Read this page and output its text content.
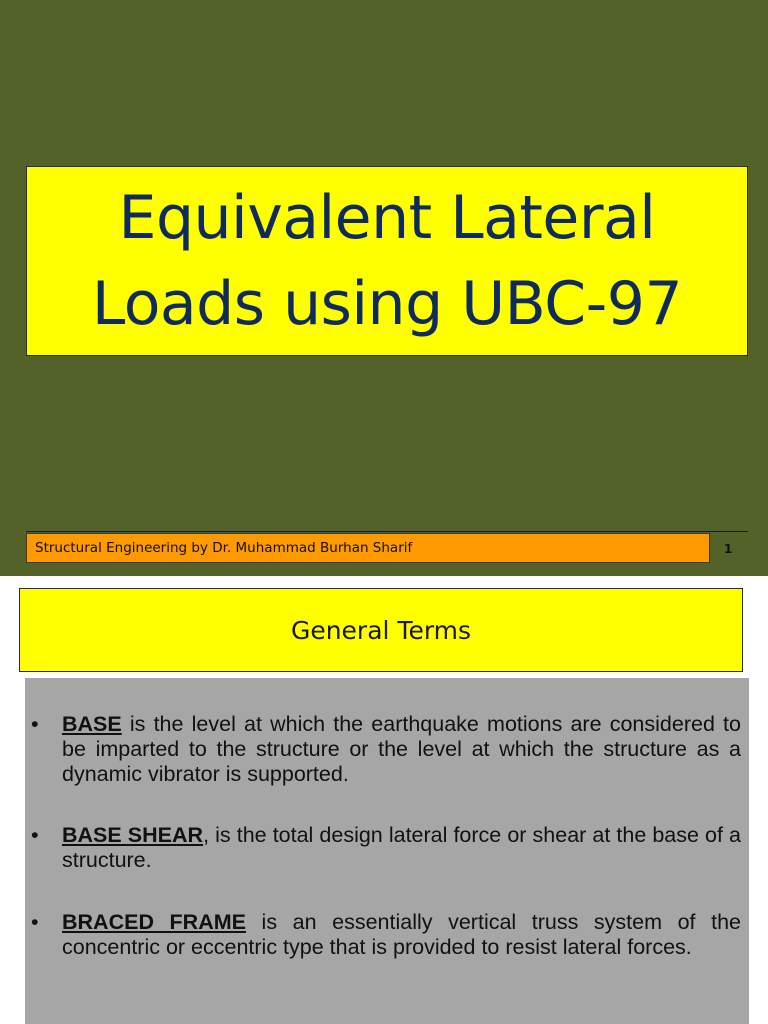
Equivalent Lateral
Loads using UBC-97
Structural Engineering by Dr. Muhammad Burhan Sharif	1
General Terms
• BASE is the level at which the earthquake motions are considered to be imparted to the structure or the level at which the structure as a dynamic vibrator is supported.
• BASE SHEAR, is the total design lateral force or shear at the base of a structure.
• BRACED FRAME is an essentially vertical truss system of the concentric or eccentric type that is provided to resist lateral forces.
